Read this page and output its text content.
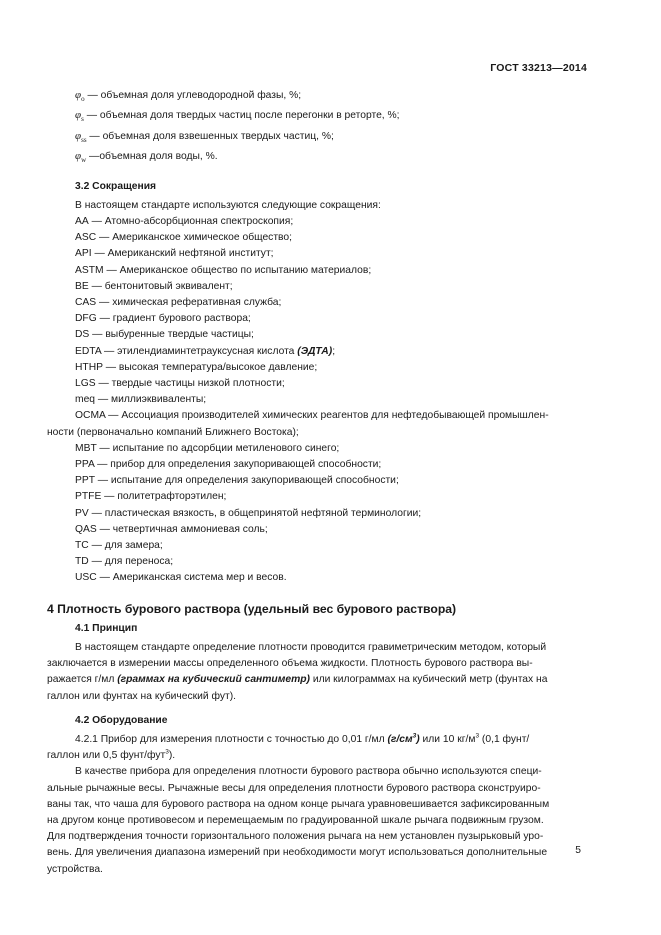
ГОСТ 33213—2014

$\varphi_о$ — объемная доля углеводородной фазы, %;

$\varphi_s$ — объемная доля твердых частиц после перегонки в реторте, %;

$\varphi_{ss}$ — объемная доля взвешенных твердых частиц, %;

$\varphi_w$ —объемная доля воды, %.

3.2 Сокращения

В настоящем стандарте используются следующие сокращения:

АА — Атомно-абсорбционная спектроскопия;

ASC — Американское химическое общество;

API — Американский нефтяной институт;

ASTM — Американское общество по испытанию материалов;

BE — бентонитовый эквивалент;

CAS — химическая реферативная служба;

DFG — градиент бурового раствора;

DS — выбуренные твердые частицы;

EDTA — этилендиаминтетрауксусная кислота (ЭДТА);

HTHP — высокая температура/высокое давление;

LGS — твердые частицы низкой плотности;

meq — миллиэквиваленты;

OCMA — Ассоциация производителей химических реагентов для нефтедобывающей промышлен-

ности (первоначально компаний Ближнего Востока);

MBT — испытание по адсорбции метиленового синего;

PPA — прибор для определения закупоривающей способности;

PPT — испытание для определения закупоривающей способности;

PTFE — политетрафторэтилен;

PV — пластическая вязкость, в общепринятой нефтяной терминологии;

QAS — четвертичная аммониевая соль;

TC — для замера;

TD — для переноса;

USC — Американская система мер и весов.

4 Плотность бурового раствора (удельный вес бурового раствора)
4.1 Принцип

В настоящем стандарте определение плотности проводится гравиметрическим методом, который

заключается в измерении массы определенного объема жидкости. Плотность бурового раствора вы-

ражается г/мл (граммах на кубический сантиметр) или килограммах на кубический метр (фунтах на

галлон или фунтах на кубический фут).

4.2 Оборудование

4.2.1 Прибор для измерения плотности с точностью до 0,01 г/мл $(г/см^3)$ или 10 $кг/м^3$ (0,1 фунт/

галлон или 0,5 фунт/фут$^3$).

В качестве прибора для определения плотности бурового раствора обычно используются специ-

альные рычажные весы. Рычажные весы для определения плотности бурового раствора сконструиро-

ваны так, что чаша для бурового раствора на одном конце рычага уравновешивается зафиксированным

на другом конце противовесом и перемещаемым по градуированной шкале рычага подвижным грузом.

Для подтверждения точности горизонтального положения рычага на нем установлен пузырьковый уро-

вень. Для увеличения диапазона измерений при необходимости могут использоваться дополнительные

устройства.

5
